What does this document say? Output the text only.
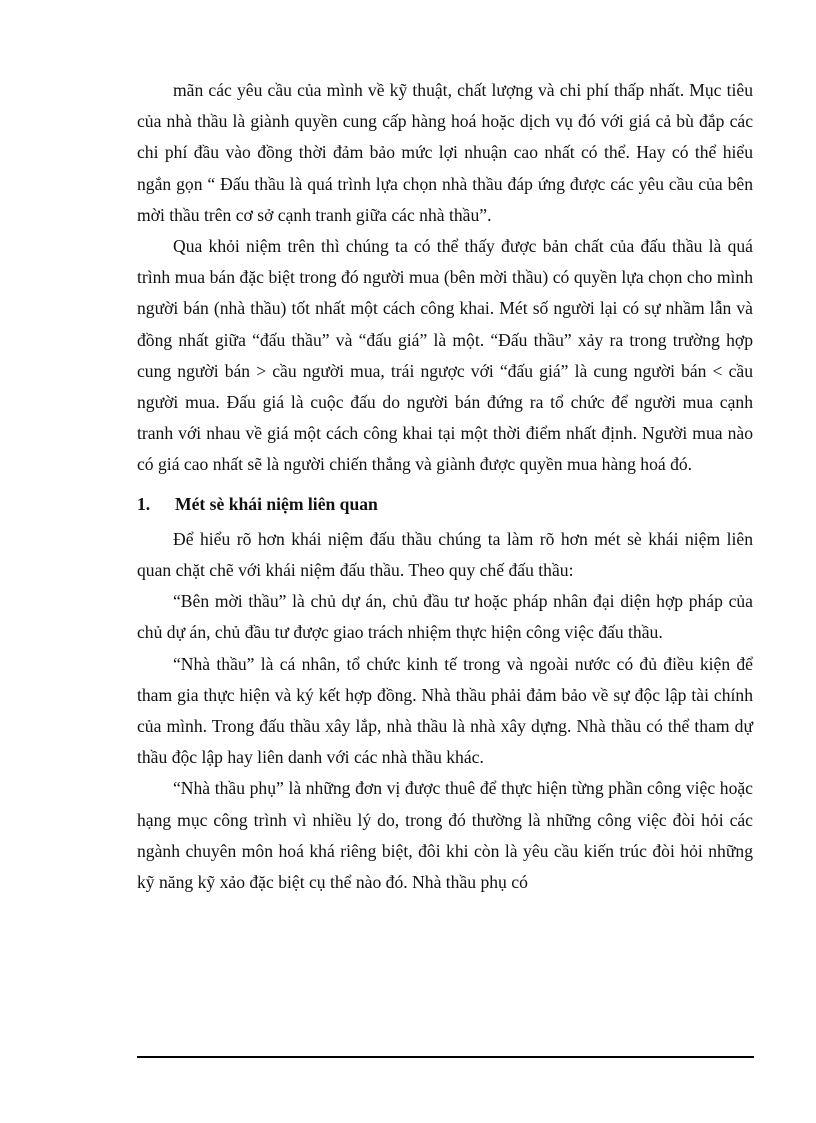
mãn các yêu cầu của mình về kỹ thuật, chất lượng và chi phí thấp nhất. Mục tiêu của nhà thầu là giành quyền cung cấp hàng hoá hoặc dịch vụ đó với giá cả bù đắp các chi phí đầu vào đồng thời đảm bảo mức lợi nhuận cao nhất có thể. Hay có thể hiểu ngắn gọn “ Đấu thầu là quá trình lựa chọn nhà thầu đáp ứng được các yêu cầu của bên mời thầu trên cơ sở cạnh tranh giữa các nhà thầu”.

Qua khỏi niệm trên thì chúng ta có thể thấy được bản chất của đấu thầu là quá trình mua bán đặc biệt trong đó người mua (bên mời thầu) có quyền lựa chọn cho mình người bán (nhà thầu) tốt nhất một cách công khai. Mét số người lại có sự nhầm lẫn và đồng nhất giữa “đấu thầu” và “đấu giá” là một. “Đấu thầu” xảy ra trong trường hợp cung người bán > cầu người mua, trái ngược với “đấu giá” là cung người bán < cầu người mua. Đấu giá là cuộc đấu do người bán đứng ra tổ chức để người mua cạnh tranh với nhau về giá một cách công khai tại một thời điểm nhất định. Người mua nào có giá cao nhất sẽ là người chiến thắng và giành được quyền mua hàng hoá đó.

1.	Mét sè khái niệm liên quan

Để hiểu rõ hơn khái niệm đấu thầu chúng ta làm rõ hơn mét sè khái niệm liên quan chặt chẽ với khái niệm đấu thầu. Theo quy chế đấu thầu:

“Bên mời thầu” là chủ dự án, chủ đầu tư hoặc pháp nhân đại diện hợp pháp của chủ dự án, chủ đầu tư được giao trách nhiệm thực hiện công việc đấu thầu.

“Nhà thầu” là cá nhân, tổ chức kinh tế trong và ngoài nước có đủ điều kiện để tham gia thực hiện và ký kết hợp đồng. Nhà thầu phải đảm bảo về sự độc lập tài chính của mình. Trong đấu thầu xây lắp, nhà thầu là nhà xây dựng. Nhà thầu có thể tham dự thầu độc lập hay liên danh với các nhà thầu khác.

“Nhà thầu phụ” là những đơn vị được thuê để thực hiện từng phần công việc hoặc hạng mục công trình vì nhiều lý do, trong đó thường là những công việc đòi hỏi các ngành chuyên môn hoá khá riêng biệt, đôi khi còn là yêu cầu kiến trúc đòi hỏi những kỹ năng kỹ xảo đặc biệt cụ thể nào đó. Nhà thầu phụ có
